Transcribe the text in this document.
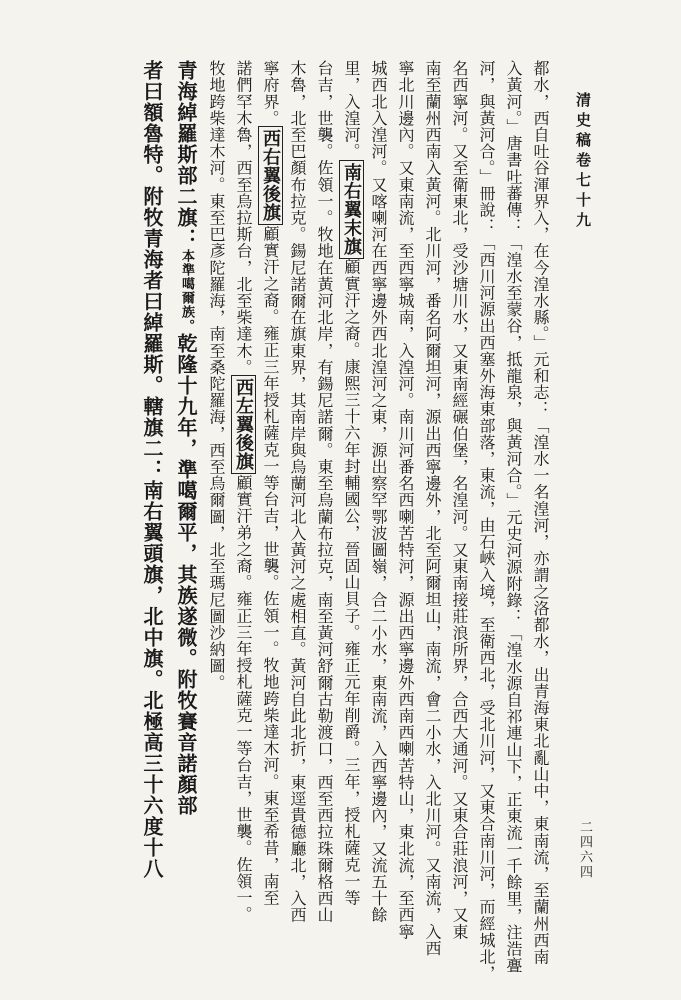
清史稿卷七十九
二四六四
都水，西自吐谷渾界入，在今湟水縣。」元和志：「湟水一名湟河，亦謂之洛都水，出青海東北亂山中，東南流，至蘭州西南
入黃河。」唐書吐蕃傳：「湟水至蒙谷，抵龍泉，與黃河合。」元史河源附錄：「湟水源自祁連山下，正東流一千餘里，注浩亹
河，與黃河合。」冊說：「西川河源出西塞外海東部落，東流，由石峽入境，至衛西北，受北川河，又東合南川河，而經城北，
名西寧河。又至衛東北，受沙塘川水，又東南經碾伯堡，名湟河。又東南接莊浪所界，合西大通河。又東合莊浪河，又東
南至蘭州西南入黃河。北川河，番名阿爾坦河，源出西寧邊外，北至阿爾坦山，南流，會二小水，入北川河。又南流，入西
寧北川邊內。又東南流，至西寧城南，入湟河。南川河番名西喇苦特河，源出西寧邊外西南西喇苦特山，東北流，至西寧
城西北入湟河。又喀喇河在西寧邊外西北湟河之東，源出察罕鄂波圖嶺，合二小水，東南流，入西寧邊內，又流五十餘
里，入湟河。南右翼末旗顧實汗之裔。康熙三十六年封輔國公，晉固山貝子。雍正元年削爵。三年，授札薩克一等
台吉，世襲。佐領一。牧地在黃河北岸，有鍚尼諾爾。東至烏蘭布拉克，南至黃河舒爾古勒渡口，西至西拉珠爾格西山
木魯，北至巴顏布拉克。鍚尼諾爾在旗東界，其南岸與烏蘭河北入黃河之處相直。黃河自此北折，東逕貴德廳北，入西
寧府界。西右翼後旗顧實汗之裔。雍正三年授札薩克一等台吉，世襲。佐領一。牧地跨柴達木河。東至希昔，南至
諾們罕木魯，西至烏拉斯台，北至柴達木。西左翼後旗顧實汗弟之裔。雍正三年授札薩克一等台吉，世襲。佐領一。
牧地跨柴達木河。東至巴彥陀羅海，南至桑陀羅海，西至烏爾圖，北至瑪尼圖沙納圖。
青海綽羅斯部二旗：本準噶爾族。乾隆十九年，準噶爾平，其族遂微。附牧賽音諾顏部
者曰額魯特。附牧青海者曰綽羅斯。轄旗二：南右翼頭旗，北中旗。北極高三十六度十八
